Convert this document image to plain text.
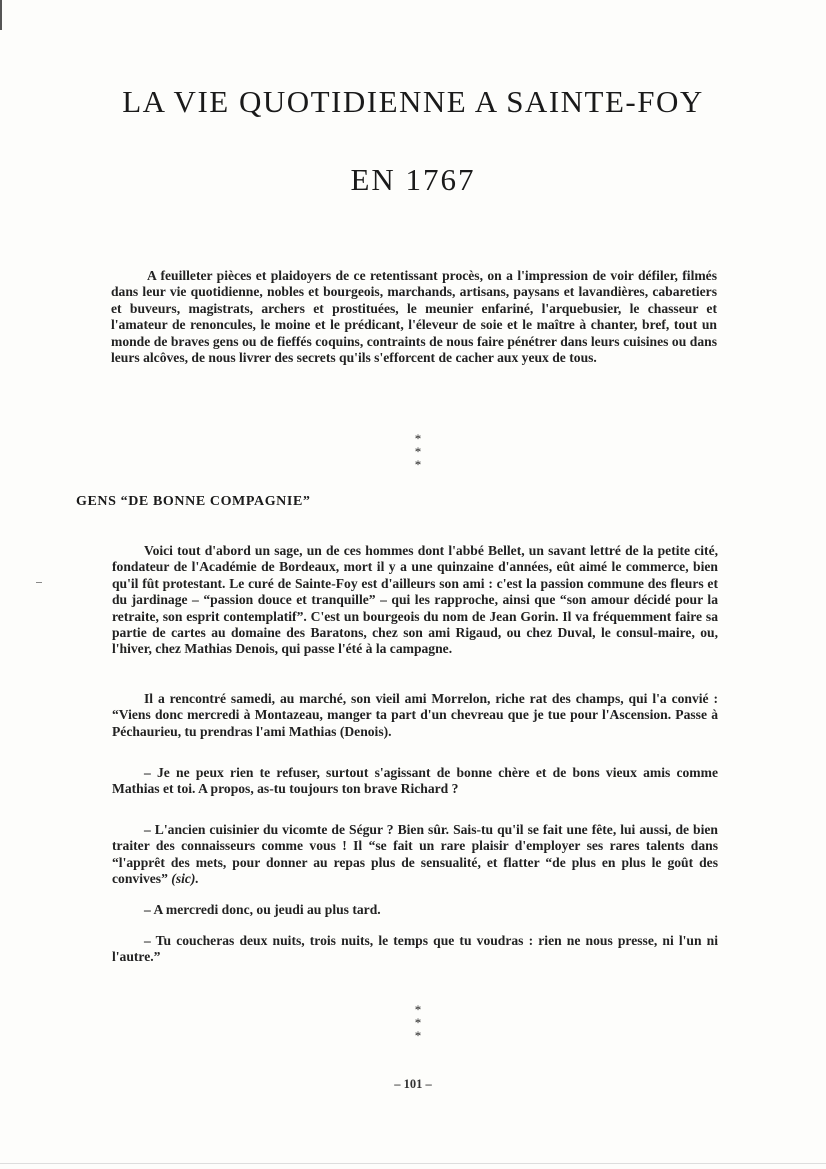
LA VIE QUOTIDIENNE A SAINTE-FOY
EN 1767

A feuilleter pièces et plaidoyers de ce retentissant procès, on a l'impression de voir défiler, filmés dans leur vie quotidienne, nobles et bourgeois, marchands, artisans, paysans et lavandières, cabaretiers et buveurs, magistrats, archers et prostituées, le meunier enfariné, l'arquebusier, le chasseur et l'amateur de renoncules, le moine et le prédicant, l'éleveur de soie et le maître à chanter, bref, tout un monde de braves gens ou de fieffés coquins, contraints de nous faire pénétrer dans leurs cuisines ou dans leurs alcôves, de nous livrer des secrets qu'ils s'efforcent de cacher aux yeux de tous.

*
* *
GENS “DE BONNE COMPAGNIE”

Voici tout d'abord un sage, un de ces hommes dont l'abbé Bellet, un savant lettré de la petite cité, fondateur de l'Académie de Bordeaux, mort il y a une quinzaine d'années, eût aimé le commerce, bien qu'il fût protestant. Le curé de Sainte-Foy est d'ailleurs son ami : c'est la passion commune des fleurs et du jardinage – “passion douce et tranquille” – qui les rapproche, ainsi que “son amour décidé pour la retraite, son esprit contemplatif”. C'est un bourgeois du nom de Jean Gorin. Il va fréquemment faire sa partie de cartes au domaine des Baratons, chez son ami Rigaud, ou chez Duval, le consul-maire, ou, l'hiver, chez Mathias Denois, qui passe l'été à la campagne.

Il a rencontré samedi, au marché, son vieil ami Morrelon, riche rat des champs, qui l'a convié : “Viens donc mercredi à Montazeau, manger ta part d'un chevreau que je tue pour l'Ascension. Passe à Péchaurieu, tu prendras l'ami Mathias (Denois).

– Je ne peux rien te refuser, surtout s'agissant de bonne chère et de bons vieux amis comme Mathias et toi. A propos, as-tu toujours ton brave Richard ?

– L'ancien cuisinier du vicomte de Ségur ? Bien sûr. Sais-tu qu'il se fait une fête, lui aussi, de bien traiter des connaisseurs comme vous ! Il “se fait un rare plaisir d'employer ses rares talents dans “l'apprêt des mets, pour donner au repas plus de sensualité, et flatter “de plus en plus le goût des convives” (sic).

– A mercredi donc, ou jeudi au plus tard.

– Tu coucheras deux nuits, trois nuits, le temps que tu voudras : rien ne nous presse, ni l'un ni l'autre.”

*
* *
– 101 –
